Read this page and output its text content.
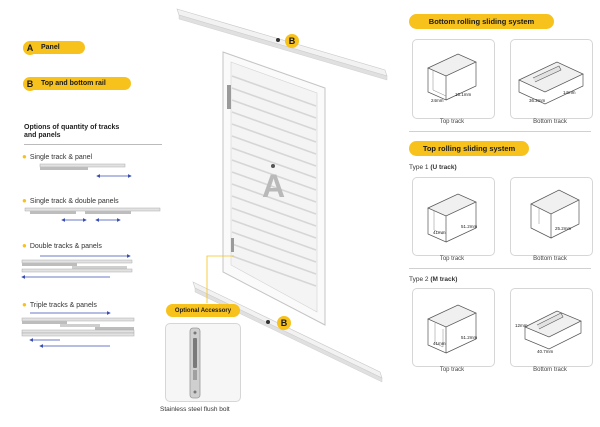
A	Panel
B	Top and bottom rail
Options of quantity of tracks
and panels
● Single track & panel
● Single track & double panels
● Double tracks & panels
● Triple tracks & panels
A
B
B
Optional Accessory
Stainless steel flush bolt
Bottom rolling sliding system
24mm
15.1mm
Top track
36.2mm
14mm
Bottom track
Top rolling sliding system
Type 1 (U track)
41mm
51.2mm
Top track
25.2mm
Bottom track
Type 2 (M track)
41mm
51.2mm
Top track
12mm
40.7mm
Bottom track
